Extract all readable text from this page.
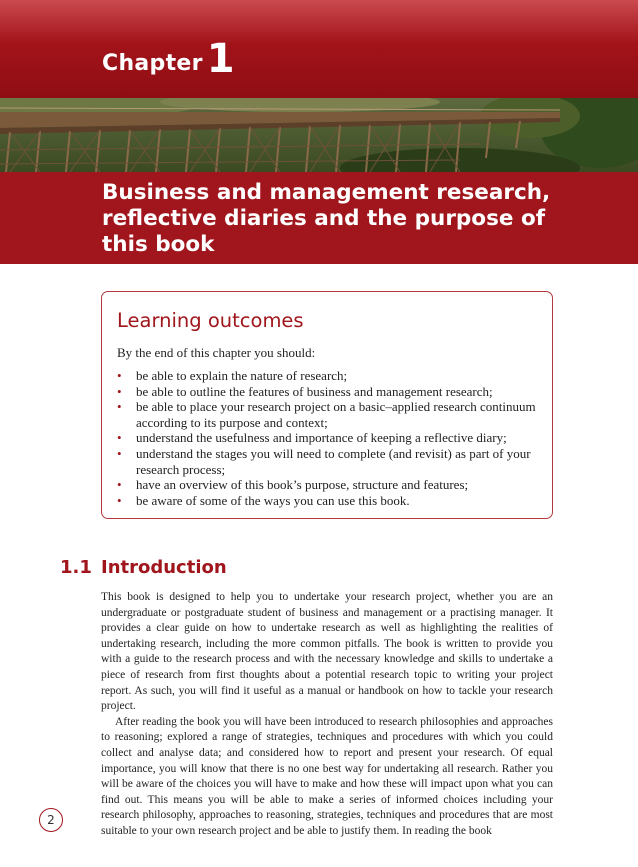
Chapter 1
Business and management research, reflective diaries and the purpose of this book
Learning outcomes
By the end of this chapter you should:
• be able to explain the nature of research;
• be able to outline the features of business and management research;
• be able to place your research project on a basic–applied research continuum according to its purpose and context;
• understand the usefulness and importance of keeping a reflective diary;
• understand the stages you will need to complete (and revisit) as part of your research process;
• have an overview of this book’s purpose, structure and features;
• be aware of some of the ways you can use this book.
1.1 Introduction

This book is designed to help you to undertake your research project, whether you are an undergraduate or postgraduate student of business and management or a practising manager. It provides a clear guide on how to undertake research as well as highlighting the realities of undertaking research, including the more common pitfalls. The book is written to provide you with a guide to the research process and with the necessary knowledge and skills to undertake a piece of research from first thoughts about a potential research topic to writing your project report. As such, you will find it useful as a manual or handbook on how to tackle your research project.

After reading the book you will have been introduced to research philosophies and approaches to reasoning; explored a range of strategies, techniques and procedures with which you could collect and analyse data; and considered how to report and present your research. Of equal importance, you will know that there is no one best way for undertaking all research. Rather you will be aware of the choices you will have to make and how these will impact upon what you can find out. This means you will be able to make a series of informed choices including your research philosophy, approaches to reasoning, strategies, techniques and procedures that are most suitable to your own research project and be able to justify them. In reading the book

2
